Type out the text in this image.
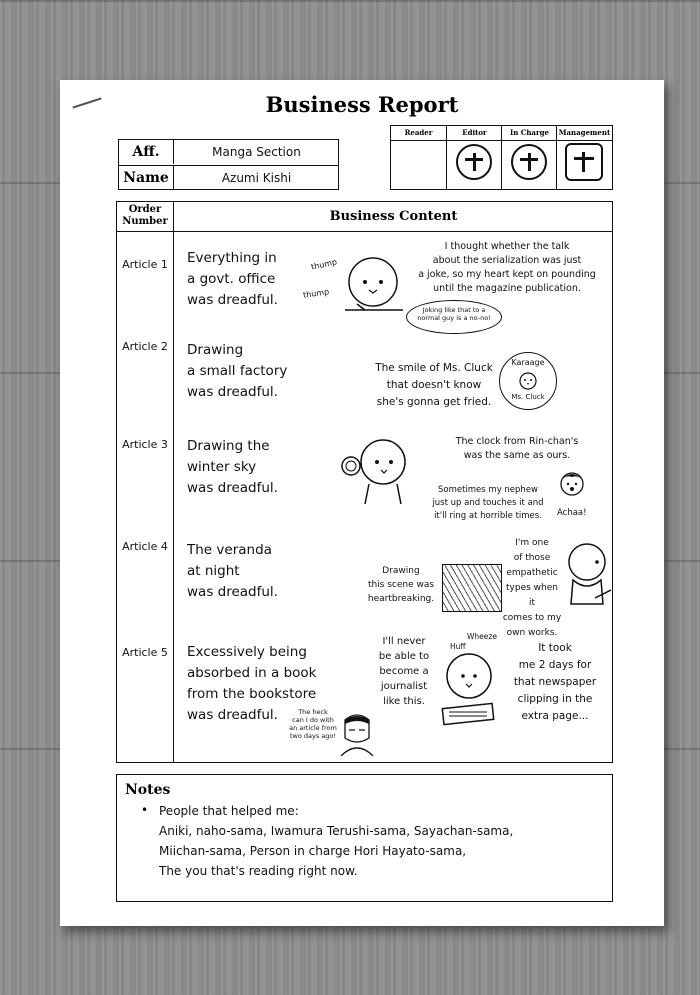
Business Report
Aff.	Manga Section
Name	Azumi Kishi
Reader	Editor	In Charge	Management
Order
Number	Business Content
Article 1	Everything in
a govt. office
was dreadful.
I thought whether the talk
about the serialization was just
a joke, so my heart kept on pounding
until the magazine publication.
thump
thump
Joking like that to a
normal guy is a no-no!
Article 2	Drawing
a small factory
was dreadful.
The smile of Ms. Cluck
that doesn't know
she's gonna get fried.
Karaage
Ms. Cluck
Article 3	Drawing the
winter sky
was dreadful.
The clock from Rin-chan's
was the same as ours.
Sometimes my nephew
just up and touches it and
it'll ring at horrible times.	Achaa!
Article 4	The veranda
at night
was dreadful.
Drawing
this scene was
heartbreaking.
I'm one
of those
empathetic
types when it
comes to my
own works.
Article 5	Excessively being
absorbed in a book
from the bookstore
was dreadful.	The heck
can I do with
an article from
two days ago!
I'll never
be able to
become a
journalist
like this.
Wheeze
Huff	It took
me 2 days for
that newspaper
clipping in the
extra page...
Notes
• People that helped me:
Aniki, naho-sama, Iwamura Terushi-sama, Sayachan-sama,
Miichan-sama, Person in charge Hori Hayato-sama,
The you that's reading right now.
